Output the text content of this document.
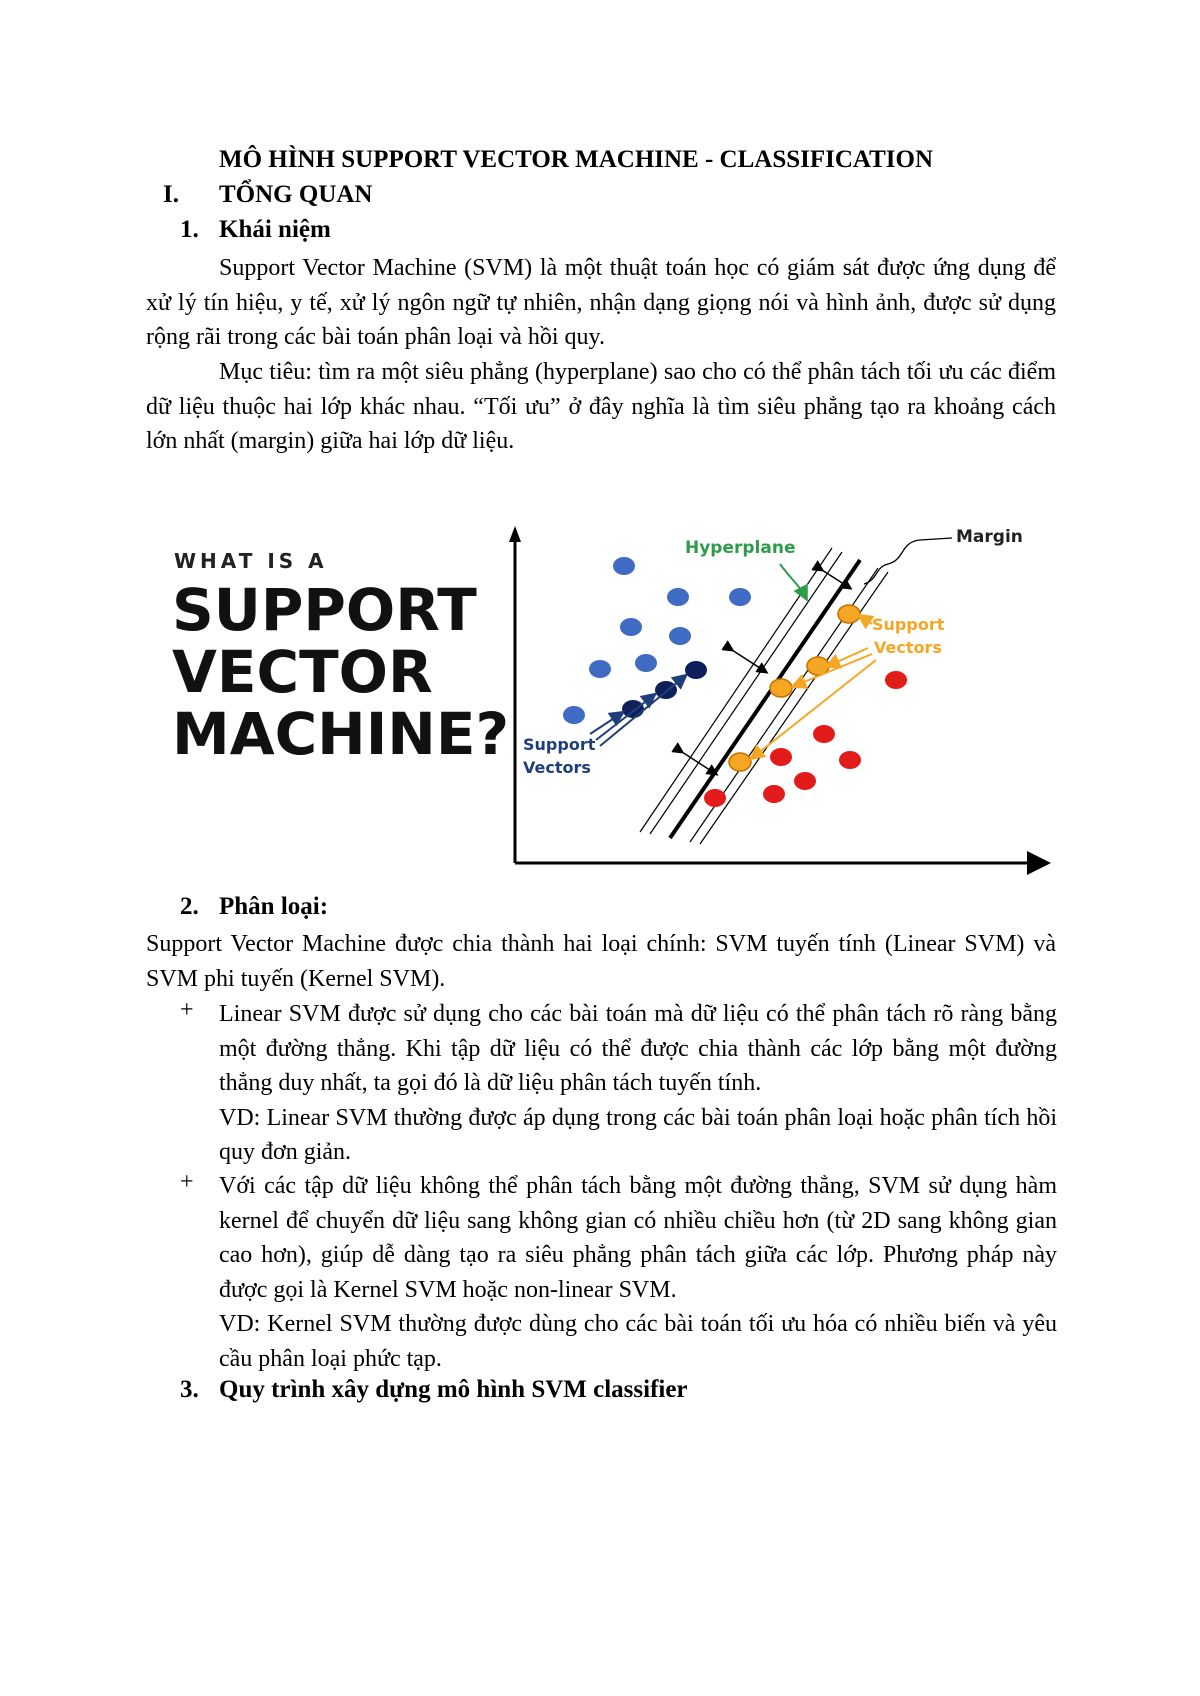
MÔ HÌNH SUPPORT VECTOR MACHINE - CLASSIFICATION
I. TỔNG QUAN
1. Khái niệm
Support Vector Machine (SVM) là một thuật toán học có giám sát được ứng dụng để xử lý tín hiệu, y tế, xử lý ngôn ngữ tự nhiên, nhận dạng giọng nói và hình ảnh, được sử dụng rộng rãi trong các bài toán phân loại và hồi quy.
Mục tiêu: tìm ra một siêu phẳng (hyperplane) sao cho có thể phân tách tối ưu các điểm dữ liệu thuộc hai lớp khác nhau. “Tối ưu” ở đây nghĩa là tìm siêu phẳng tạo ra khoảng cách lớn nhất (margin) giữa hai lớp dữ liệu.
WHAT IS A
SUPPORT
VECTOR
MACHINE?
Margin
Hyperplane
Support
Vectors
Support
Vectors
2. Phân loại:
Support Vector Machine được chia thành hai loại chính: SVM tuyến tính (Linear SVM) và SVM phi tuyến (Kernel SVM).
+ Linear SVM được sử dụng cho các bài toán mà dữ liệu có thể phân tách rõ ràng bằng một đường thẳng. Khi tập dữ liệu có thể được chia thành các lớp bằng một đường thẳng duy nhất, ta gọi đó là dữ liệu phân tách tuyến tính.

VD: Linear SVM thường được áp dụng trong các bài toán phân loại hoặc phân tích hồi quy đơn giản.

+ Với các tập dữ liệu không thể phân tách bằng một đường thẳng, SVM sử dụng hàm kernel để chuyển dữ liệu sang không gian có nhiều chiều hơn (từ 2D sang không gian cao hơn), giúp dễ dàng tạo ra siêu phẳng phân tách giữa các lớp. Phương pháp này được gọi là Kernel SVM hoặc non-linear SVM.

VD: Kernel SVM thường được dùng cho các bài toán tối ưu hóa có nhiều biến và yêu cầu phân loại phức tạp.

3. Quy trình xây dựng mô hình SVM classifier
